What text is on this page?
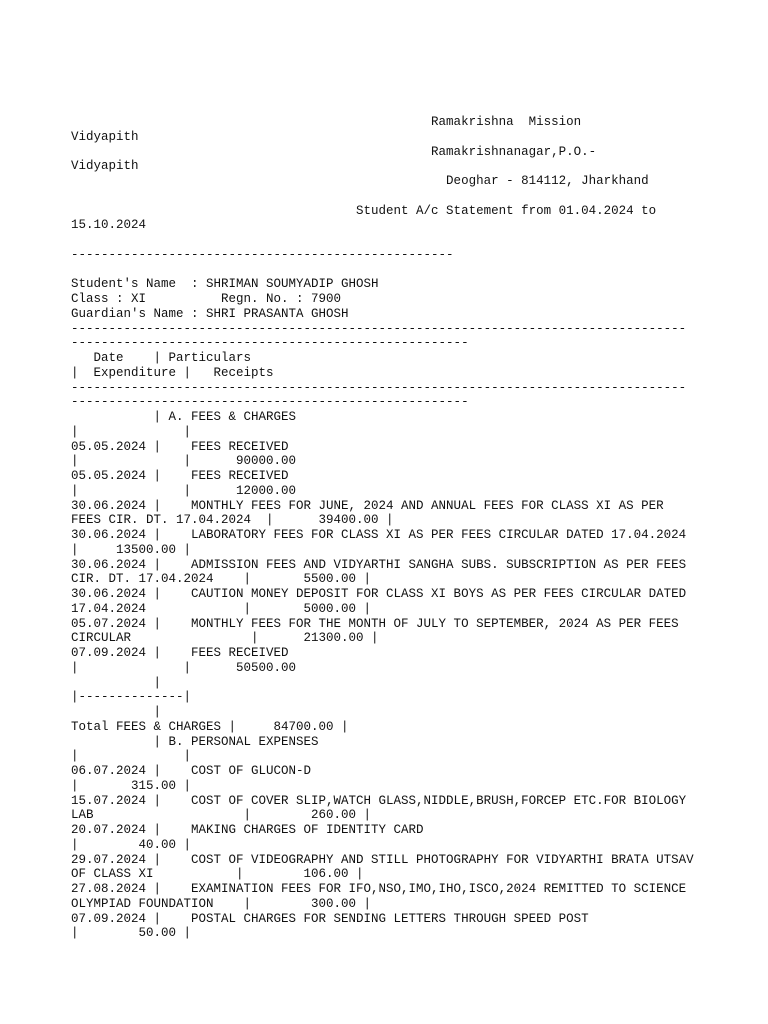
Ramakrishna  Mission
Vidyapith
Ramakrishnanagar,P.O.-
Vidyapith
Deoghar - 814112, Jharkhand
Student A/c Statement from 01.04.2024 to
15.10.2024
---------------------------------------------------
Student's Name  : SHRIMAN SOUMYADIP GHOSH
Class : XI          Regn. No. : 7900
Guardian's Name : SHRI PRASANTA GHOSH
----------------------------------------------------------------------------------
-----------------------------------------------------
Date    | Particulars
|  Expenditure |   Receipts
----------------------------------------------------------------------------------
-----------------------------------------------------
| A. FEES & CHARGES
|              |
05.05.2024 |    FEES RECEIVED
|              |      90000.00
05.05.2024 |    FEES RECEIVED
|              |      12000.00
30.06.2024 |    MONTHLY FEES FOR JUNE, 2024 AND ANNUAL FEES FOR CLASS XI AS PER
FEES CIR. DT. 17.04.2024  |      39400.00 |
30.06.2024 |    LABORATORY FEES FOR CLASS XI AS PER FEES CIRCULAR DATED 17.04.2024
|     13500.00 |
30.06.2024 |    ADMISSION FEES AND VIDYARTHI SANGHA SUBS. SUBSCRIPTION AS PER FEES
CIR. DT. 17.04.2024    |       5500.00 |
30.06.2024 |    CAUTION MONEY DEPOSIT FOR CLASS XI BOYS AS PER FEES CIRCULAR DATED
17.04.2024             |       5000.00 |
05.07.2024 |    MONTHLY FEES FOR THE MONTH OF JULY TO SEPTEMBER, 2024 AS PER FEES
CIRCULAR                |      21300.00 |
07.09.2024 |    FEES RECEIVED
|              |      50500.00
|
|--------------|
|
Total FEES & CHARGES |     84700.00 |
| B. PERSONAL EXPENSES
|              |
06.07.2024 |    COST OF GLUCON-D
|       315.00 |
15.07.2024 |    COST OF COVER SLIP,WATCH GLASS,NIDDLE,BRUSH,FORCEP ETC.FOR BIOLOGY
LAB                    |        260.00 |
20.07.2024 |    MAKING CHARGES OF IDENTITY CARD
|        40.00 |
29.07.2024 |    COST OF VIDEOGRAPHY AND STILL PHOTOGRAPHY FOR VIDYARTHI BRATA UTSAV
OF CLASS XI           |        106.00 |
27.08.2024 |    EXAMINATION FEES FOR IFO,NSO,IMO,IHO,ISCO,2024 REMITTED TO SCIENCE
OLYMPIAD FOUNDATION    |        300.00 |
07.09.2024 |    POSTAL CHARGES FOR SENDING LETTERS THROUGH SPEED POST
|        50.00 |
